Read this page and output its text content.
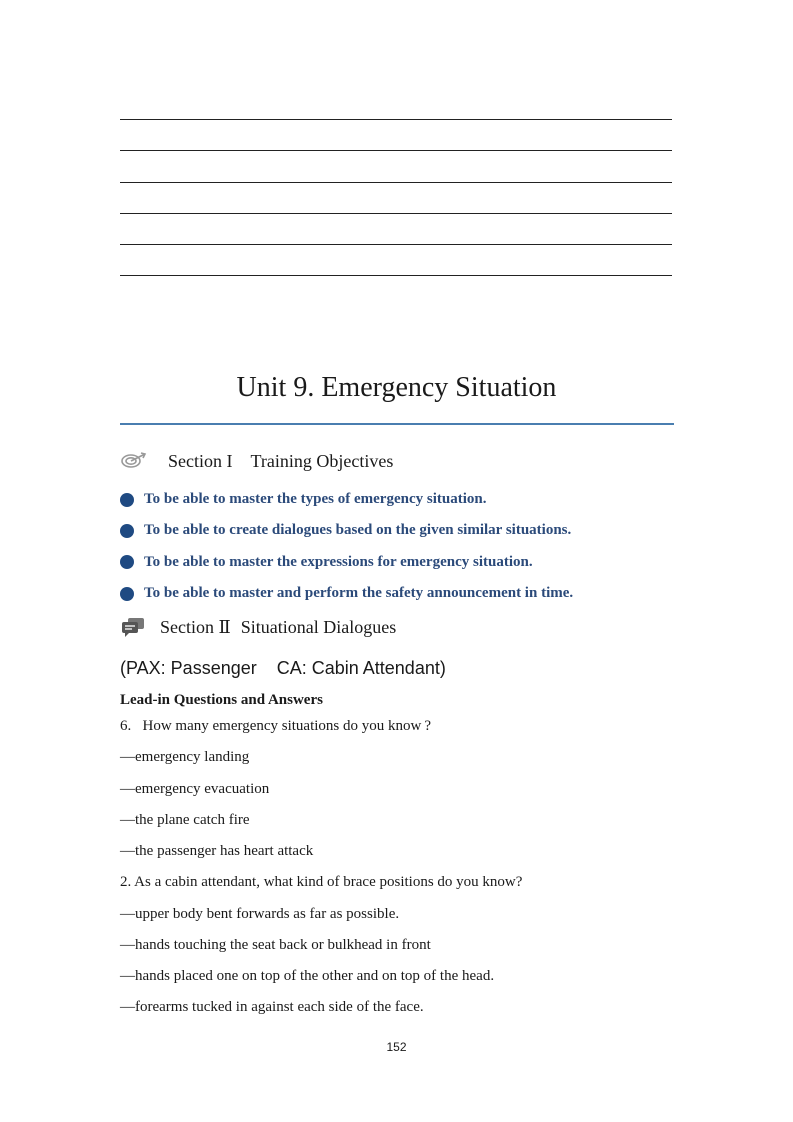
Unit 9. Emergency Situation
Section I Training Objectives
To be able to master the types of emergency situation.
To be able to create dialogues based on the given similar situations.
To be able to master the expressions for emergency situation.
To be able to master and perform the safety announcement in time.
Section Ⅱ Situational Dialogues
(PAX: Passenger    CA: Cabin Attendant)
Lead-in Questions and Answers
6.   How many emergency situations do you know ?
—emergency landing
—emergency evacuation
—the plane catch fire
—the passenger has heart attack
2. As a cabin attendant, what kind of brace positions do you know?
—upper body bent forwards as far as possible.
—hands touching the seat back or bulkhead in front
—hands placed one on top of the other and on top of the head.
—forearms tucked in against each side of the face.
152
